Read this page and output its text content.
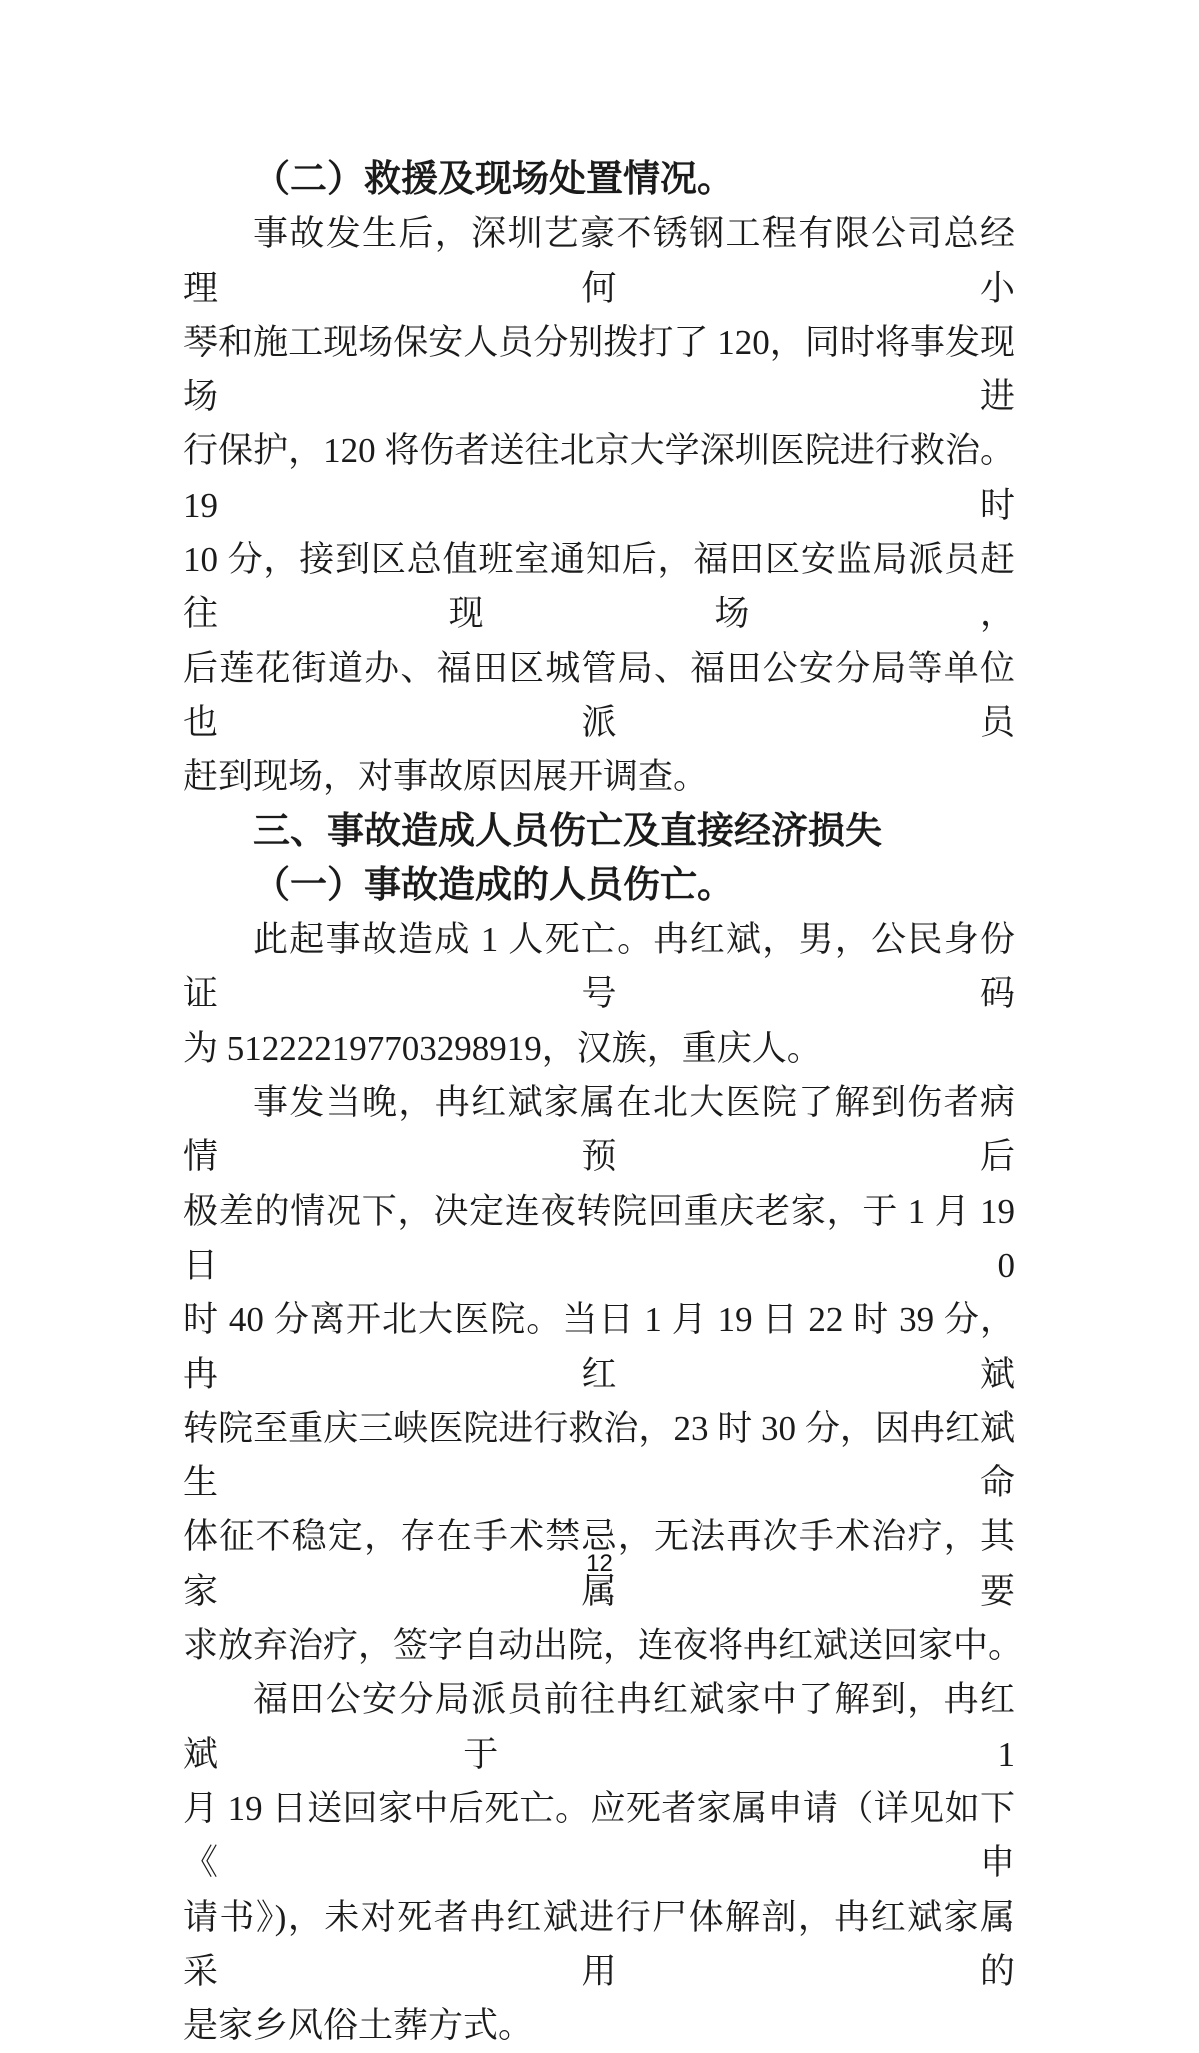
（二）救援及现场处置情况。
事故发生后，深圳艺豪不锈钢工程有限公司总经理何小
琴和施工现场保安人员分别拨打了 120，同时将事发现场进
行保护，120 将伤者送往北京大学深圳医院进行救治。19 时
10 分，接到区总值班室通知后，福田区安监局派员赶往现场，
后莲花街道办、福田区城管局、福田公安分局等单位也派员
赶到现场，对事故原因展开调查。
三、事故造成人员伤亡及直接经济损失
（一）事故造成的人员伤亡。
此起事故造成 1 人死亡。冉红斌，男，公民身份证号码
为 512222197703298919，汉族，重庆人。
事发当晚，冉红斌家属在北大医院了解到伤者病情预后
极差的情况下，决定连夜转院回重庆老家，于 1 月 19 日 0
时 40 分离开北大医院。当日 1 月 19 日 22 时 39 分，冉红斌
转院至重庆三峡医院进行救治，23 时 30 分，因冉红斌生命
体征不稳定，存在手术禁忌，无法再次手术治疗，其家属要
求放弃治疗，签字自动出院，连夜将冉红斌送回家中。
福田公安分局派员前往冉红斌家中了解到，冉红斌于 1
月 19 日送回家中后死亡。应死者家属申请（详见如下《申
请书》)，未对死者冉红斌进行尸体解剖，冉红斌家属采用的
是家乡风俗土葬方式。
12
